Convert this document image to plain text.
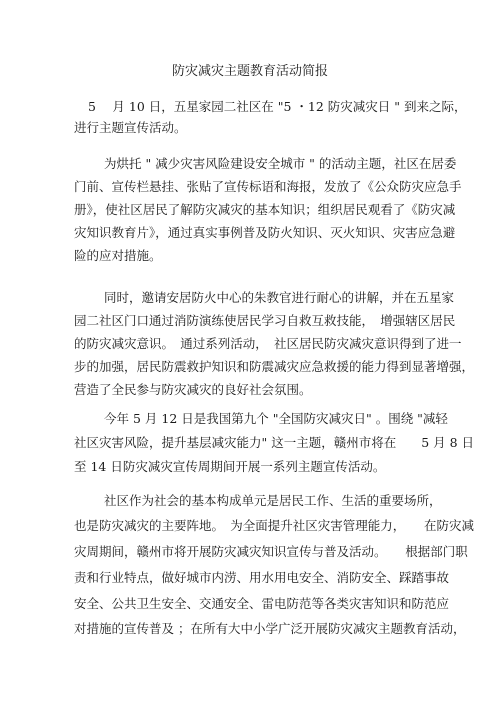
防灾减灾主题教育活动简报
5 　月 10 日，五星家园二社区在 "5 ・12 防灾减灾日 " 到来之际，
进行主题宣传活动。
为烘托 " 减少灾害风险建设安全城市 " 的活动主题，社区在居委
门前、宣传栏悬挂、张贴了宣传标语和海报，发放了《公众防灾应急手
册》，使社区居民了解防灾减灾的基本知识；组织居民观看了《防灾减
灾知识教育片》，通过真实事例普及防火知识、灭火知识、灾害应急避
险的应对措施。
同时，邀请安居防火中心的朱教官进行耐心的讲解，并在五星家
园二社区门口通过消防演练使居民学习自救互救技能，　增强辖区居民
的防灾减灾意识。　通过系列活动，　社区居民防灾减灾意识得到了进一
步的加强，居民防震救护知识和防震减灾应急救援的能力得到显著增强，
营造了全民参与防灾减灾的良好社会氛围。
今年 5 月 12 日是我国第九个 "全国防灾减灾日" 。围绕 "减轻
社区灾害风险，提升基层减灾能力" 这一主题，赣州市将在　　5 月 8 日
至 14 日防灾减灾宣传周期间开展一系列主题宣传活动。
社区作为社会的基本构成单元是居民工作、生活的重要场所，
也是防灾减灾的主要阵地。　为全面提升社区灾害管理能力，　　在防灾减
灾周期间，赣州市将开展防灾减灾知识宣传与普及活动。　　根据部门职
责和行业特点，做好城市内涝、用水用电安全、消防安全、踩踏事故
安全、公共卫生安全、交通安全、雷电防范等各类灾害知识和防范应
对措施的宣传普及 ；在所有大中小学广泛开展防灾减灾主题教育活动，
